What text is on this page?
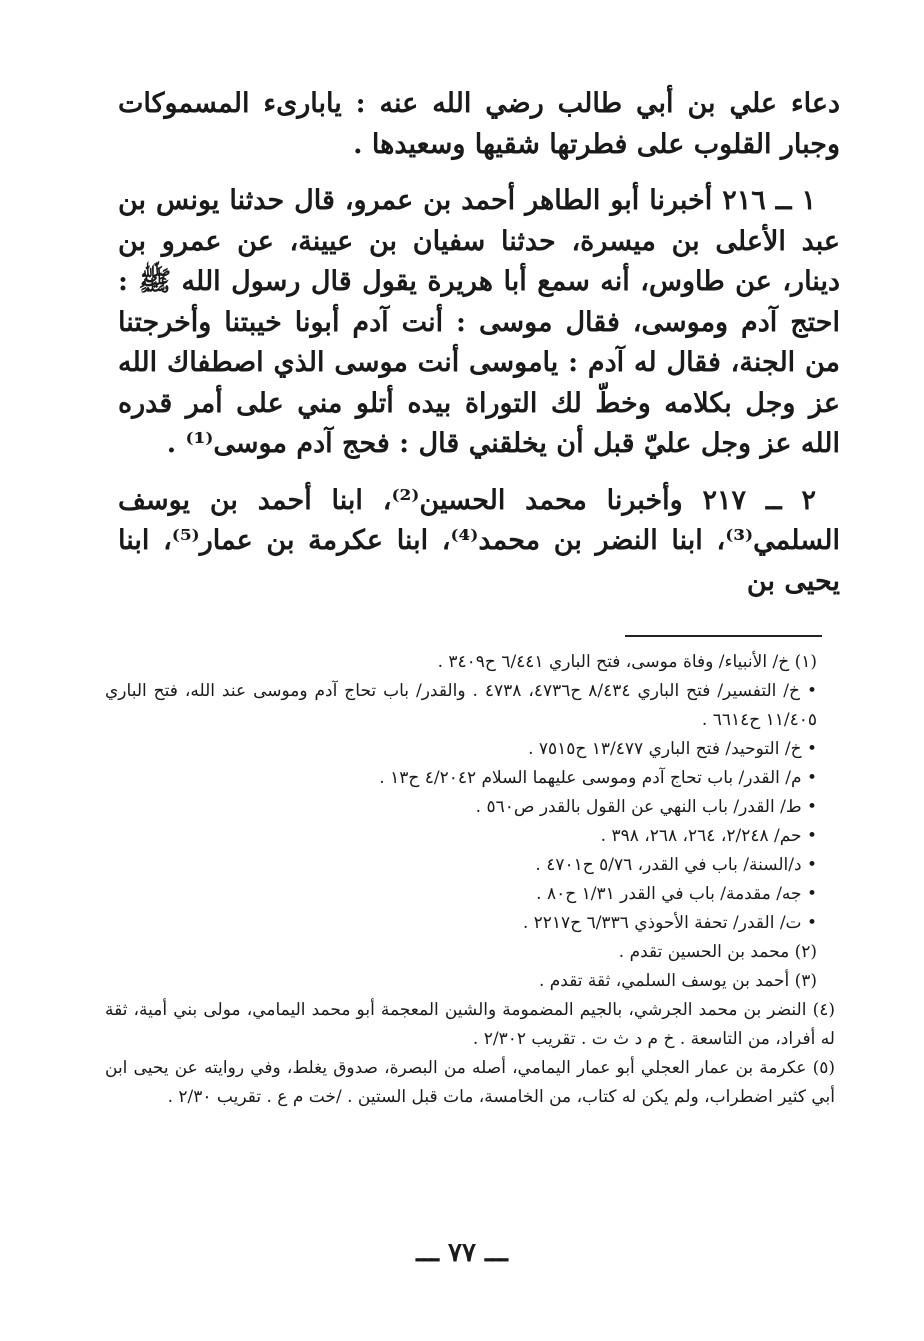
دعاء علي بن أبي طالب رضي الله عنه : يابارىء المسموكات وجبار القلوب على فطرتها شقيها وسعيدها .

١ ــ ٢١٦ أخبرنا أبو الطاهر أحمد بن عمرو، قال حدثنا يونس بن عبد الأعلى بن ميسرة، حدثنا سفيان بن عيينة، عن عمرو بن دينار، عن طاوس، أنه سمع أبا هريرة يقول قال رسول الله ﷺ : احتج آدم وموسى، فقال موسى : أنت آدم أبونا خيبتنا وأخرجتنا من الجنة، فقال له آدم : ياموسى أنت موسى الذي اصطفاك الله عز وجل بكلامه وخطّ لك التوراة بيده أتلو مني على أمر قدره الله عز وجل عليّ قبل أن يخلقني قال : فحج آدم موسى⁽¹⁾ .

٢ ــ ٢١٧ وأخبرنا محمد الحسين⁽²⁾، ابنا أحمد بن يوسف السلمي⁽³⁾، ابنا النضر بن محمد⁽⁴⁾، ابنا عكرمة بن عمار⁽⁵⁾، ابنا يحيى بن

(١) خ/ الأنبياء/ وفاة موسى، فتح الباري ٦/٤٤١ ح٣٤٠٩ .

• خ/ التفسير/ فتح الباري ٨/٤٣٤ ح٤٧٣٦، ٤٧٣٨ . والقدر/ باب تحاج آدم وموسى عند الله، فتح الباري ١١/٤٠٥ ح٦٦١٤ .

• خ/ التوحيد/ فتح الباري ١٣/٤٧٧ ح٧٥١٥ .

• م/ القدر/ باب تحاج آدم وموسى عليهما السلام ٤/٢٠٤٢ ح١٣ .

• ط/ القدر/ باب النهي عن القول بالقدر ص٥٦٠ .

• حم/ ٢/٢٤٨، ٢٦٤، ٢٦٨، ٣٩٨ .

• د/السنة/ باب في القدر، ٥/٧٦ ح٤٧٠١ .

• جه/ مقدمة/ باب في القدر ١/٣١ ح٨٠ .

• ت/ القدر/ تحفة الأحوذي ٦/٣٣٦ ح٢٢١٧ .

(٢) محمد بن الحسين تقدم .

(٣) أحمد بن يوسف السلمي، ثقة تقدم .

(٤) النضر بن محمد الجرشي، بالجيم المضمومة والشين المعجمة أبو محمد اليمامي، مولى بني أمية، ثقة له أفراد، من التاسعة . خ م د ث ت . تقريب ٢/٣٠٢ .

(٥) عكرمة بن عمار العجلي أبو عمار اليمامي، أصله من البصرة، صدوق يغلط، وفي روايته عن يحيى ابن أبي كثير اضطراب، ولم يكن له كتاب، من الخامسة، مات قبل الستين . /خت م ع . تقريب ٢/٣٠ .

ـــ ٧٧ ـــ
